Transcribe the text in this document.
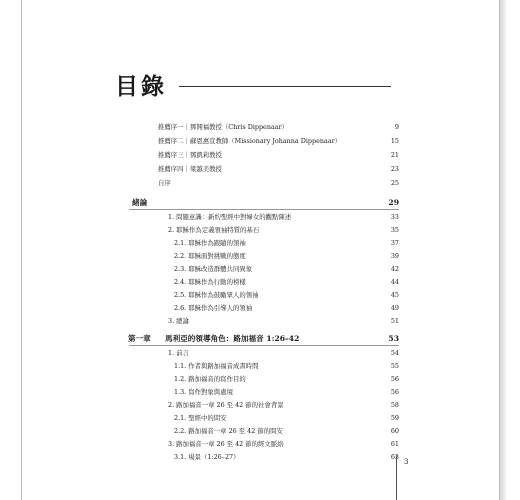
目錄
推薦序一｜鄧開福教授（Chris Dippenaar）	9
推薦序二｜蘇恩惠宣教師（Missionary Johanna Dippenaar）	15
推薦序三｜鄧凱莉教授	21
推薦序四｜梁越美教授	23
自序	25
緒論	29
1. 問題意識：新約聖經中對婦女的觀點陳述	33
2. 耶穌作為定義領袖特質的基石	35
2.1. 耶穌作為跟隨的領袖	37
2.2. 耶穌面對挑戰的態度	39
2.3. 耶穌改造群體共同異象	42
2.4. 耶穌作為行動的榜樣	44
2.5. 耶穌作為鼓勵眾人的領袖	45
2.6. 耶穌作為引導人的領袖	49
3. 總論	51
第一章 馬利亞的領導角色：路加福音 1:26–42	53
1. 前言	54
1.1. 作者與路加福音成書時間	55
1.2. 路加福音的寫作目的	56
1.3. 寫作對象與處境	56
2. 路加福音一章 26 至 42 節的社會背景	58
2.1. 聖經中的問安	59
2.2. 路加福音一章 26 至 42 節的問安	60
3. 路加福音一章 26 至 42 節的經文脈絡	61
3.1. 場景（1:26–27）	63
3
